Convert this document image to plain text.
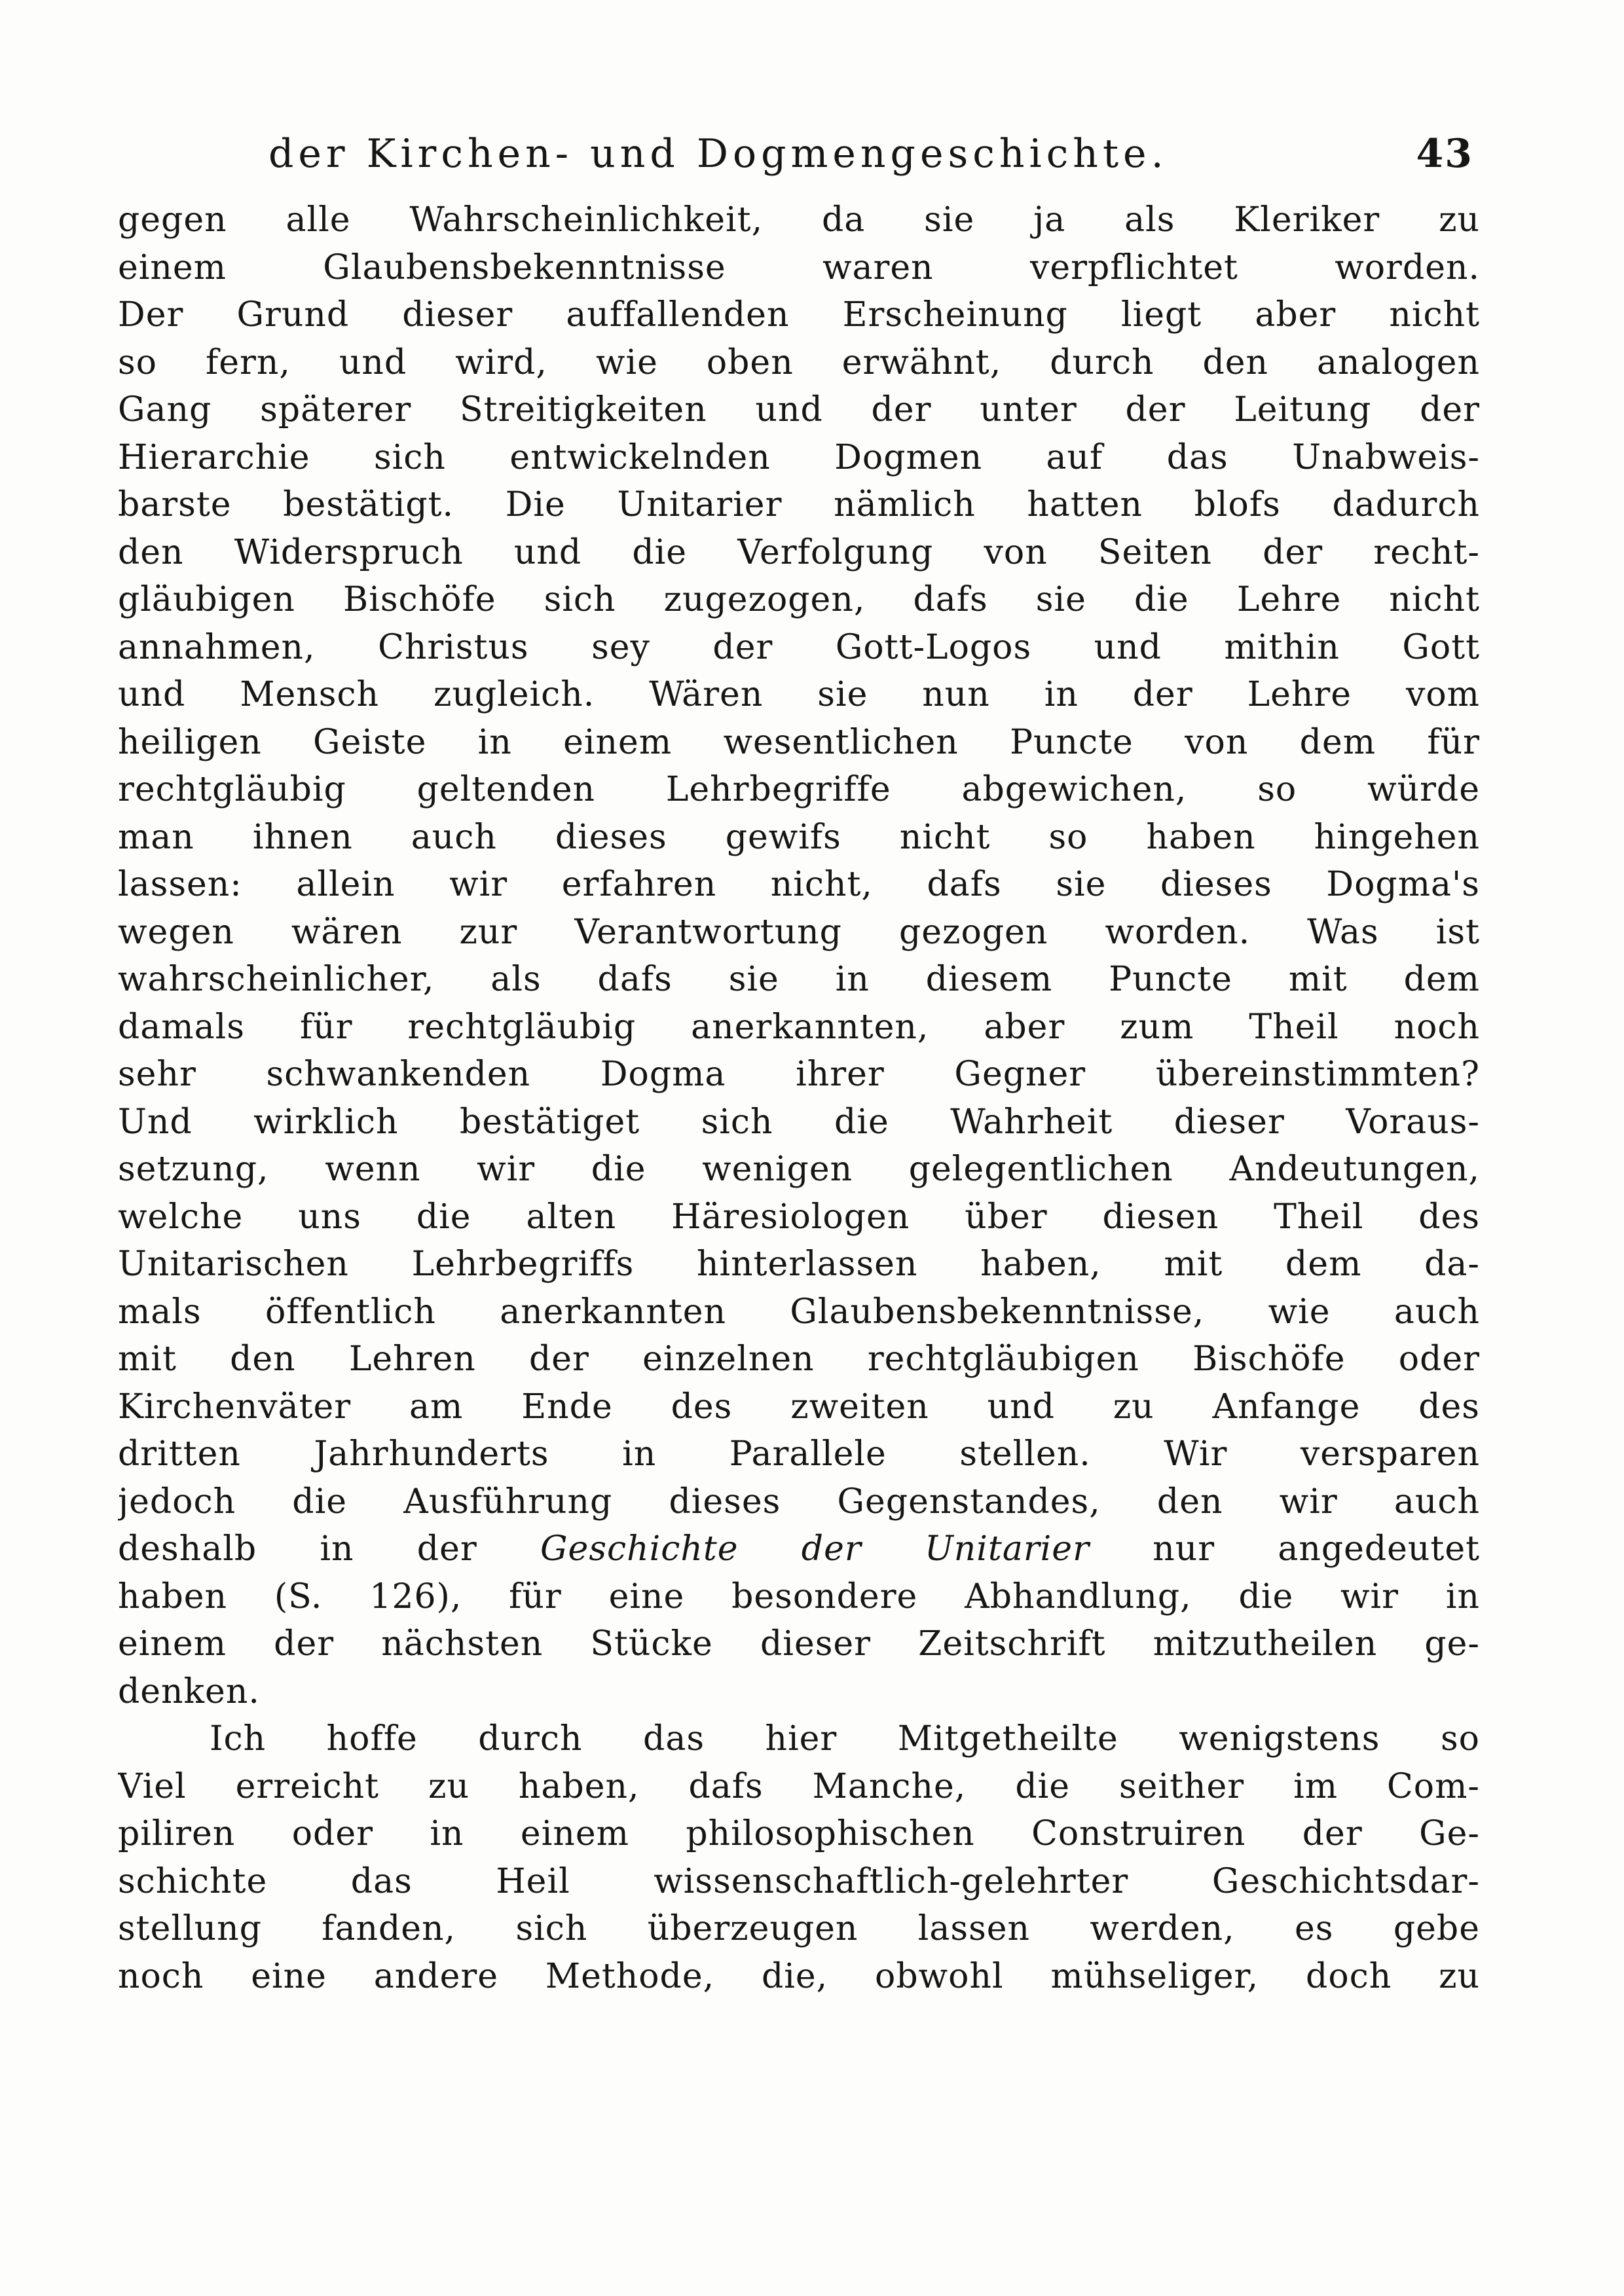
der Kirchen- und Dogmengeschichte.	43
gegen alle Wahrscheinlichkeit, da sie ja als Kleriker zu
einem Glaubensbekenntnisse waren verpflichtet worden.
Der Grund dieser auffallenden Erscheinung liegt aber nicht
so fern, und wird, wie oben erwähnt, durch den analogen
Gang späterer Streitigkeiten und der unter der Leitung der
Hierarchie sich entwickelnden Dogmen auf das Unabweis-
barste bestätigt. Die Unitarier nämlich hatten blofs dadurch
den Widerspruch und die Verfolgung von Seiten der recht-
gläubigen Bischöfe sich zugezogen, dafs sie die Lehre nicht
annahmen, Christus sey der Gott-Logos und mithin Gott
und Mensch zugleich. Wären sie nun in der Lehre vom
heiligen Geiste in einem wesentlichen Puncte von dem für
rechtgläubig geltenden Lehrbegriffe abgewichen, so würde
man ihnen auch dieses gewifs nicht so haben hingehen
lassen: allein wir erfahren nicht, dafs sie dieses Dogma's
wegen wären zur Verantwortung gezogen worden. Was ist
wahrscheinlicher, als dafs sie in diesem Puncte mit dem
damals für rechtgläubig anerkannten, aber zum Theil noch
sehr schwankenden Dogma ihrer Gegner übereinstimmten?
Und wirklich bestätiget sich die Wahrheit dieser Voraus-
setzung, wenn wir die wenigen gelegentlichen Andeutungen,
welche uns die alten Häresiologen über diesen Theil des
Unitarischen Lehrbegriffs hinterlassen haben, mit dem da-
mals öffentlich anerkannten Glaubensbekenntnisse, wie auch
mit den Lehren der einzelnen rechtgläubigen Bischöfe oder
Kirchenväter am Ende des zweiten und zu Anfange des
dritten Jahrhunderts in Parallele stellen. Wir versparen
jedoch die Ausführung dieses Gegenstandes, den wir auch
deshalb in der Geschichte der Unitarier nur angedeutet
haben (S. 126), für eine besondere Abhandlung, die wir in
einem der nächsten Stücke dieser Zeitschrift mitzutheilen ge-
denken.
Ich hoffe durch das hier Mitgetheilte wenigstens so
Viel erreicht zu haben, dafs Manche, die seither im Com-
piliren oder in einem philosophischen Construiren der Ge-
schichte das Heil wissenschaftlich-gelehrter Geschichtsdar-
stellung fanden, sich überzeugen lassen werden, es gebe
noch eine andere Methode, die, obwohl mühseliger, doch zu
